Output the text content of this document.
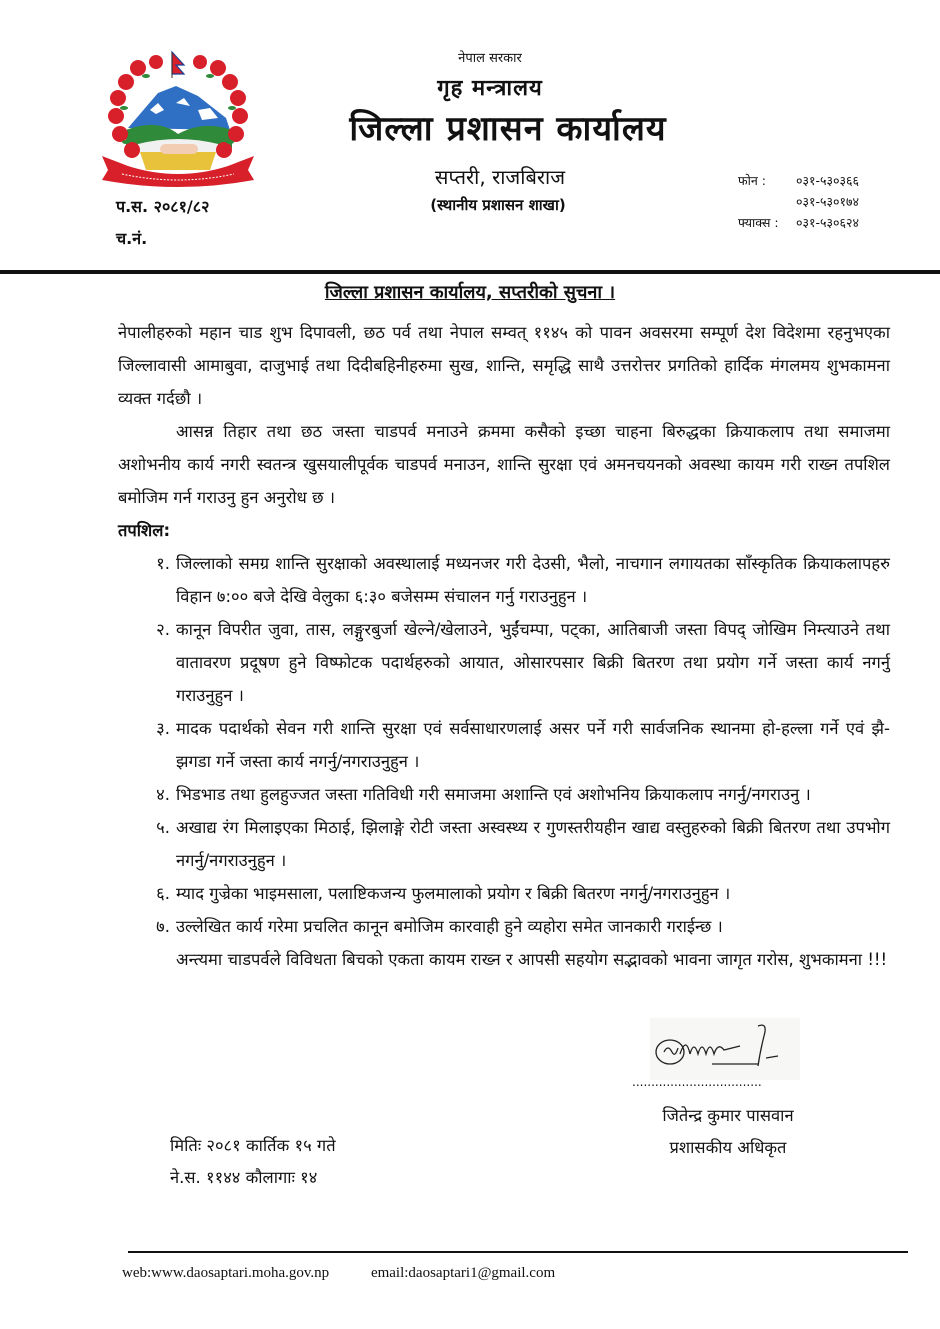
नेपाल सरकार
गृह मन्त्रालय
जिल्ला प्रशासन कार्यालय
सप्तरी, राजबिराज
(स्थानीय प्रशासन शाखा)
प.स. २०८१/८२
च.नं.
फोन :	०३१-५३०३६६
०३१-५३०१७४
फ्याक्स :	०३१-५३०६२४
जिल्ला प्रशासन कार्यालय, सप्तरीको सुचना ।

नेपालीहरुको महान चाड शुभ दिपावली, छठ पर्व तथा नेपाल सम्वत् ११४५ को पावन अवसरमा सम्पूर्ण देश विदेशमा रहनुभएका जिल्लावासी आमाबुवा, दाजुभाई तथा दिदीबहिनीहरुमा सुख, शान्ति, समृद्धि साथै उत्तरोत्तर प्रगतिको हार्दिक मंगलमय शुभकामना व्यक्त गर्दछौ ।

आसन्न तिहार तथा छठ जस्ता चाडपर्व मनाउने क्रममा कसैको इच्छा चाहना बिरुद्धका क्रियाकलाप तथा समाजमा अशोभनीय कार्य नगरी स्वतन्त्र खुसयालीपूर्वक चाडपर्व मनाउन, शान्ति सुरक्षा एवं अमनचयनको अवस्था कायम गरी राख्न तपशिल बमोजिम गर्न गराउनु हुन अनुरोध छ ।

तपशिल:

१. जिल्लाको समग्र शान्ति सुरक्षाको अवस्थालाई मध्यनजर गरी देउसी, भैलो, नाचगान लगायतका साँस्कृतिक क्रियाकलापहरु विहान ७:०० बजे देखि वेलुका ६:३० बजेसम्म संचालन गर्नु गराउनुहुन ।
२. कानून विपरीत जुवा, तास, लङ्गुरबुर्जा खेल्ने/खेलाउने, भुईंचम्पा, पट्का, आतिबाजी जस्ता विपद् जोखिम निम्त्याउने तथा वातावरण प्रदूषण हुने विष्फोटक पदार्थहरुको आयात, ओसारपसार बिक्री बितरण तथा प्रयोग गर्ने जस्ता कार्य नगर्नु गराउनुहुन ।
३. मादक पदार्थको सेवन गरी शान्ति सुरक्षा एवं सर्वसाधारणलाई असर पर्ने गरी सार्वजनिक स्थानमा हो-हल्ला गर्ने एवं झै-झगडा गर्ने जस्ता कार्य नगर्नु/नगराउनुहुन ।
४. भिडभाड तथा हुलहुज्जत जस्ता गतिविधी गरी समाजमा अशान्ति एवं अशोभनिय क्रियाकलाप नगर्नु/नगराउनु ।
५. अखाद्य रंग मिलाइएका मिठाई, झिलाङ्गे रोटी जस्ता अस्वस्थ्य र गुणस्तरीयहीन खाद्य वस्तुहरुको बिक्री बितरण तथा उपभोग नगर्नु/नगराउनुहुन ।
६. म्याद गुज्रेका भाइमसाला, पलाष्टिकजन्य फुलमालाको प्रयोग र बिक्री बितरण नगर्नु/नगराउनुहुन ।
७. उल्लेखित कार्य गरेमा प्रचलित कानून बमोजिम कारवाही हुने व्यहोरा समेत जानकारी गराईन्छ ।

अन्त्यमा चाडपर्वले विविधता बिचको एकता कायम राख्न र आपसी सहयोग सद्भावको भावना जागृत गरोस, शुभकामना !!!

..................................
जितेन्द्र कुमार पासवान
प्रशासकीय अधिकृत
मितिः २०८१ कार्तिक १५ गते
ने.स. ११४४ कौलागाः १४
web:www.daosaptari.moha.gov.np	email:daosaptari1@gmail.com
